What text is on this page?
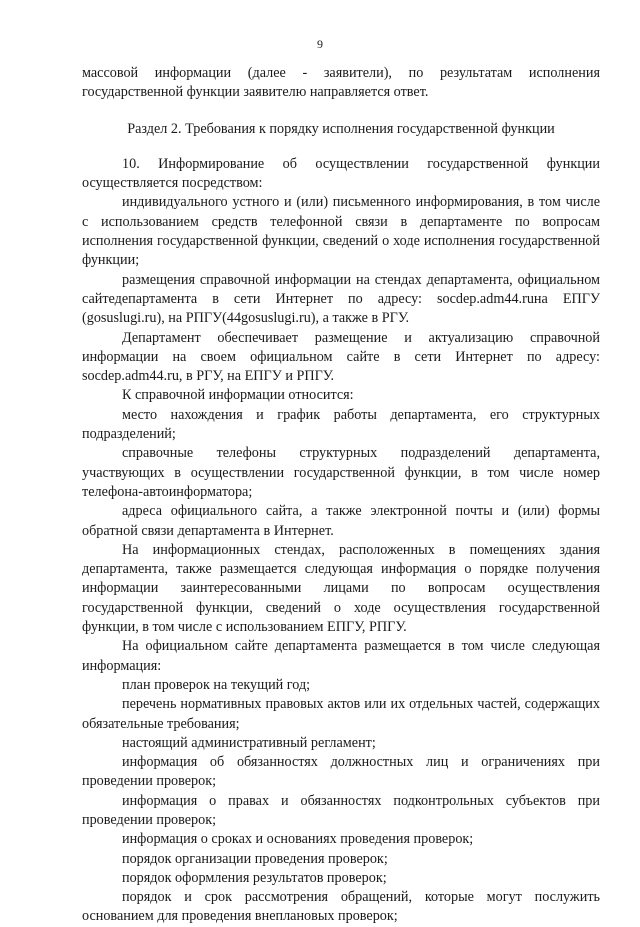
9

массовой информации (далее - заявители), по результатам исполнения государственной функции заявителю направляется ответ.

Раздел 2. Требования к порядку исполнения государственной функции

10. Информирование об осуществлении государственной функции осуществляется посредством:

индивидуального устного и (или) письменного информирования, в том числе с использованием средств телефонной связи в департаменте по вопросам исполнения государственной функции, сведений о ходе исполнения государственной функции;

размещения справочной информации на стендах департамента, официальном сайтедепартамента в сети Интернет по адресу: socdep.adm44.ruна ЕПГУ (gosuslugi.ru), на РПГУ(44gosuslugi.ru), а также в РГУ.

Департамент обеспечивает размещение и актуализацию справочной информации на своем официальном сайте в сети Интернет по адресу: socdep.adm44.ru, в РГУ, на ЕПГУ и РПГУ.

К справочной информации относится:

место нахождения и график работы департамента, его структурных подразделений;

справочные телефоны структурных подразделений департамента, участвующих в осуществлении государственной функции, в том числе номер телефона-автоинформатора;

адреса официального сайта, а также электронной почты и (или) формы обратной связи департамента в Интернет.

На информационных стендах, расположенных в помещениях здания департамента, также размещается следующая информация о порядке получения информации заинтересованными лицами по вопросам осуществления государственной функции, сведений о ходе осуществления государственной функции, в том числе с использованием ЕПГУ, РПГУ.

На официальном сайте департамента размещается в том числе следующая информация:

план проверок на текущий год;

перечень нормативных правовых актов или их отдельных частей, содержащих обязательные требования;

настоящий административный регламент;

информация об обязанностях должностных лиц и ограничениях при проведении проверок;

информация о правах и обязанностях подконтрольных субъектов при проведении проверок;

информация о сроках и основаниях проведения проверок;

порядок организации проведения проверок;

порядок оформления результатов проверок;

порядок и срок рассмотрения обращений, которые могут послужить основанием для проведения внеплановых проверок;
